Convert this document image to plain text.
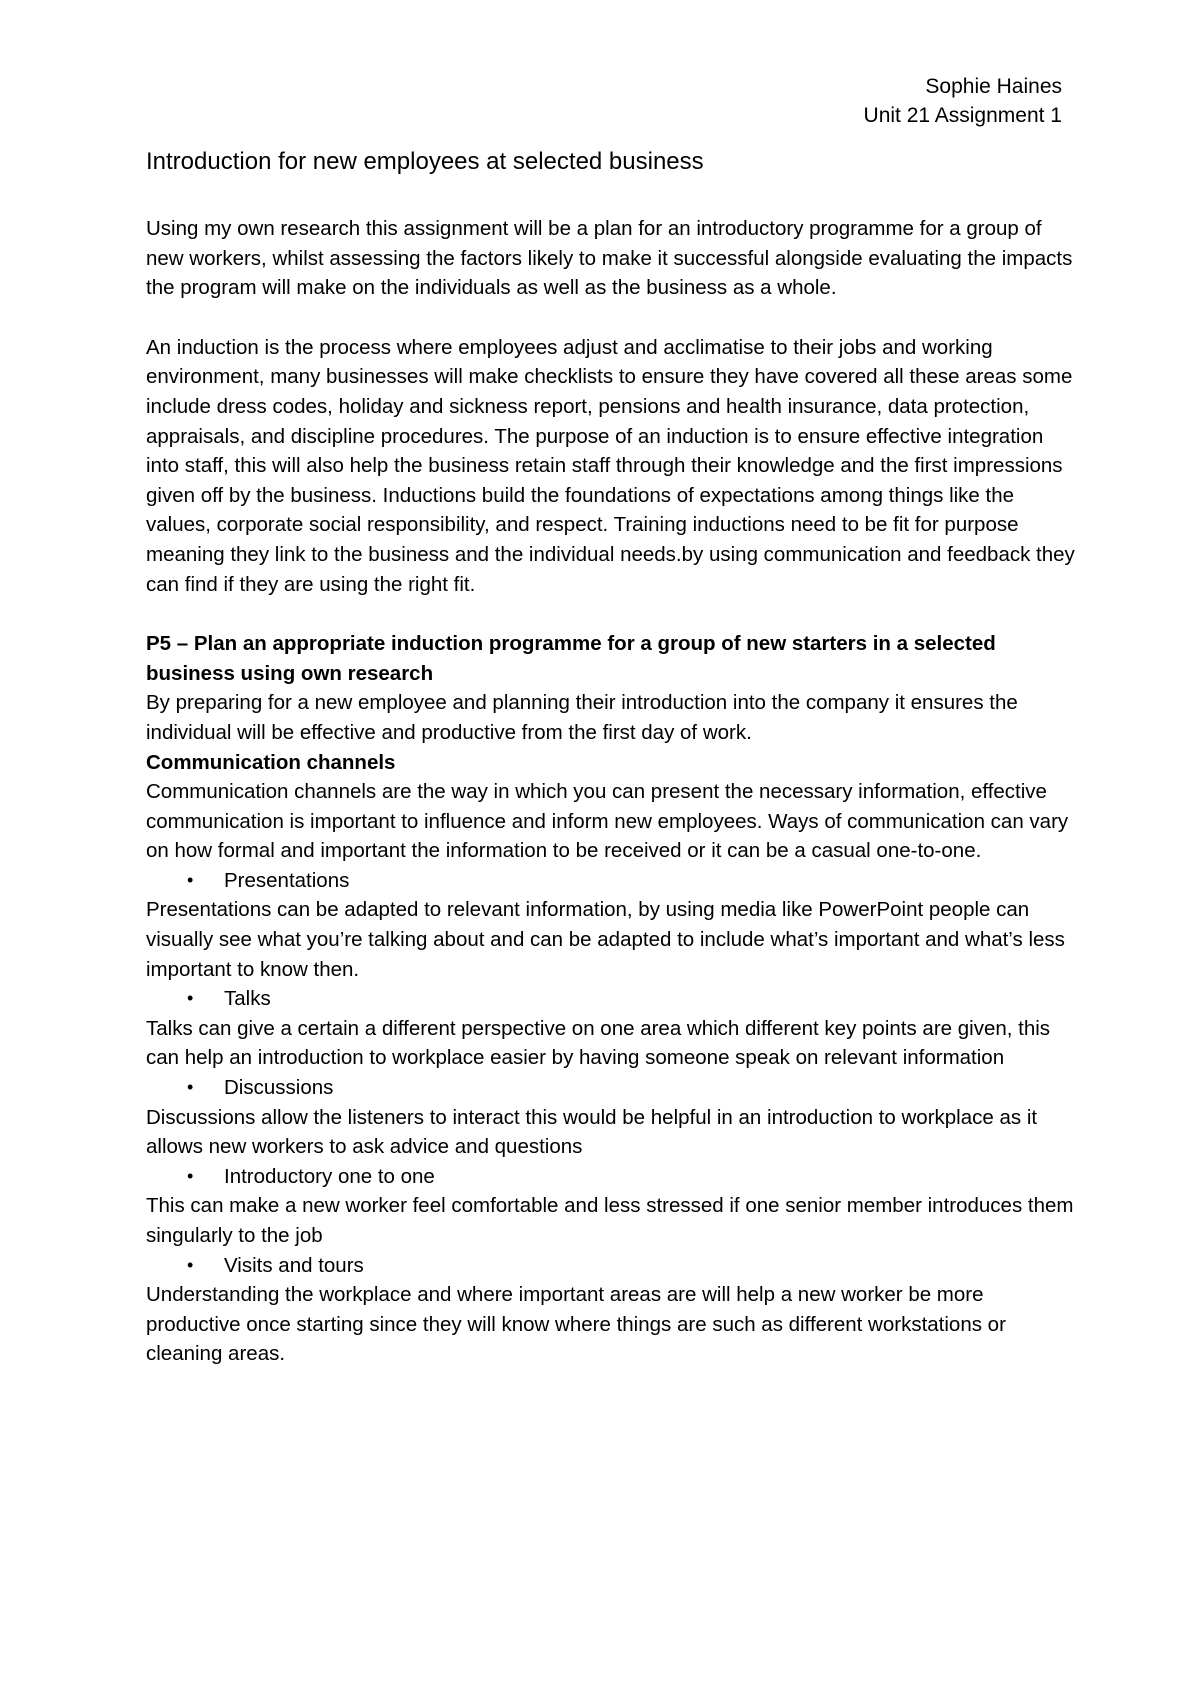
Sophie Haines
Unit 21 Assignment 1
Introduction for new employees at selected business

Using my own research this assignment will be a plan for an introductory programme for a group of new workers, whilst assessing the factors likely to make it successful alongside evaluating the impacts the program will make on the individuals as well as the business as a whole.

An induction is the process where employees adjust and acclimatise to their jobs and working environment, many businesses will make checklists to ensure they have covered all these areas some include dress codes, holiday and sickness report, pensions and health insurance, data protection, appraisals, and discipline procedures. The purpose of an induction is to ensure effective integration into staff, this will also help the business retain staff through their knowledge and the first impressions given off by the business. Inductions build the foundations of expectations among things like the values, corporate social responsibility, and respect. Training inductions need to be fit for purpose meaning they link to the business and the individual needs.by using communication and feedback they can find if they are using the right fit.

P5 – Plan an appropriate induction programme for a group of new starters in a selected business using own research

By preparing for a new employee and planning their introduction into the company it ensures the individual will be effective and productive from the first day of work.

Communication channels

Communication channels are the way in which you can present the necessary information, effective communication is important to influence and inform new employees. Ways of communication can vary on how formal and important the information to be received or it can be a casual one-to-one.

• Presentations

Presentations can be adapted to relevant information, by using media like PowerPoint people can visually see what you’re talking about and can be adapted to include what’s important and what’s less important to know then.

• Talks

Talks can give a certain a different perspective on one area which different key points are given, this can help an introduction to workplace easier by having someone speak on relevant information

• Discussions

Discussions allow the listeners to interact this would be helpful in an introduction to workplace as it allows new workers to ask advice and questions

• Introductory one to one

This can make a new worker feel comfortable and less stressed if one senior member introduces them singularly to the job

• Visits and tours

Understanding the workplace and where important areas are will help a new worker be more productive once starting since they will know where things are such as different workstations or cleaning areas.
